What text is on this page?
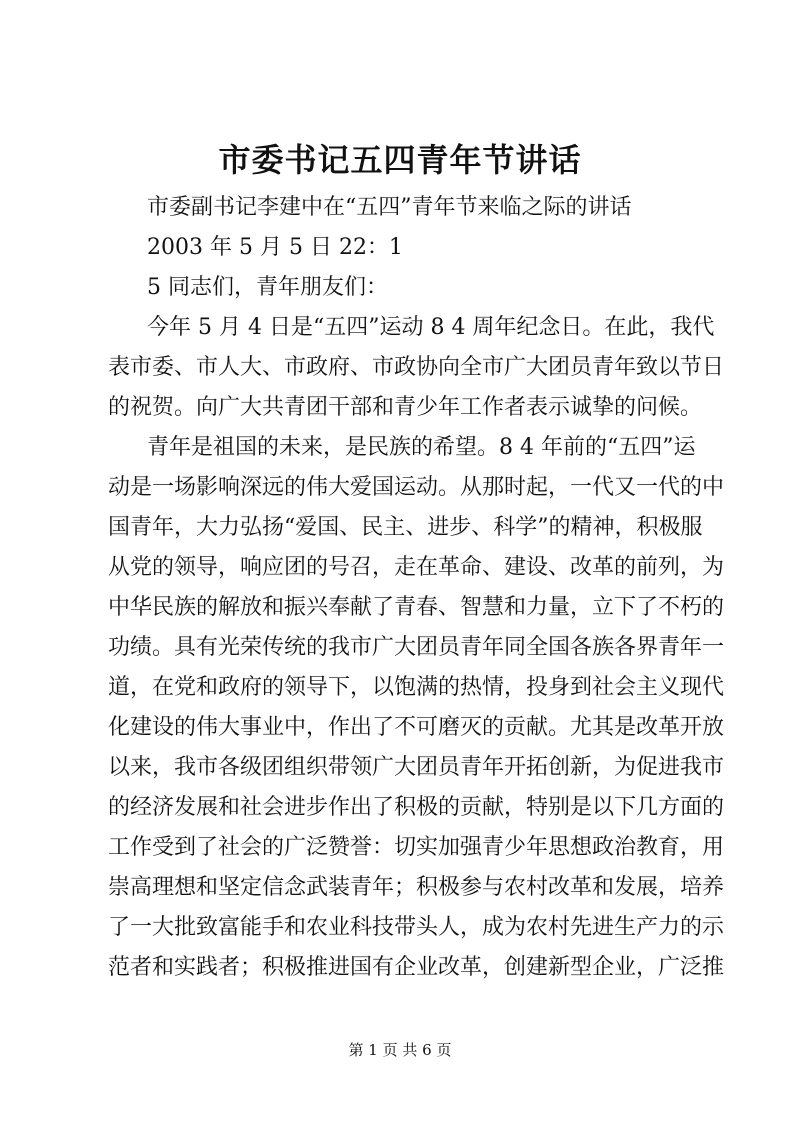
市委书记五四青年节讲话
市委副书记李建中在“五四”青年节来临之际的讲话
2003 年 5 月 5 日 22：1
5 同志们，青年朋友们：
今年 5 月 4 日是“五四”运动 8 4 周年纪念日。在此，我代
表市委、市人大、市政府、市政协向全市广大团员青年致以节日
的祝贺。向广大共青团干部和青少年工作者表示诚挚的问候。
青年是祖国的未来，是民族的希望。8 4 年前的“五四”运
动是一场影响深远的伟大爱国运动。从那时起，一代又一代的中
国青年，大力弘扬“爱国、民主、进步、科学”的精神，积极服
从党的领导，响应团的号召，走在革命、建设、改革的前列，为
中华民族的解放和振兴奉献了青春、智慧和力量，立下了不朽的
功绩。具有光荣传统的我市广大团员青年同全国各族各界青年一
道，在党和政府的领导下，以饱满的热情，投身到社会主义现代
化建设的伟大事业中，作出了不可磨灭的贡献。尤其是改革开放
以来，我市各级团组织带领广大团员青年开拓创新，为促进我市
的经济发展和社会进步作出了积极的贡献，特别是以下几方面的
工作受到了社会的广泛赞誉：切实加强青少年思想政治教育，用
崇高理想和坚定信念武装青年；积极参与农村改革和发展，培养
了一大批致富能手和农业科技带头人，成为农村先进生产力的示
范者和实践者；积极推进国有企业改革，创建新型企业，广泛推
第 1 页 共 6 页
